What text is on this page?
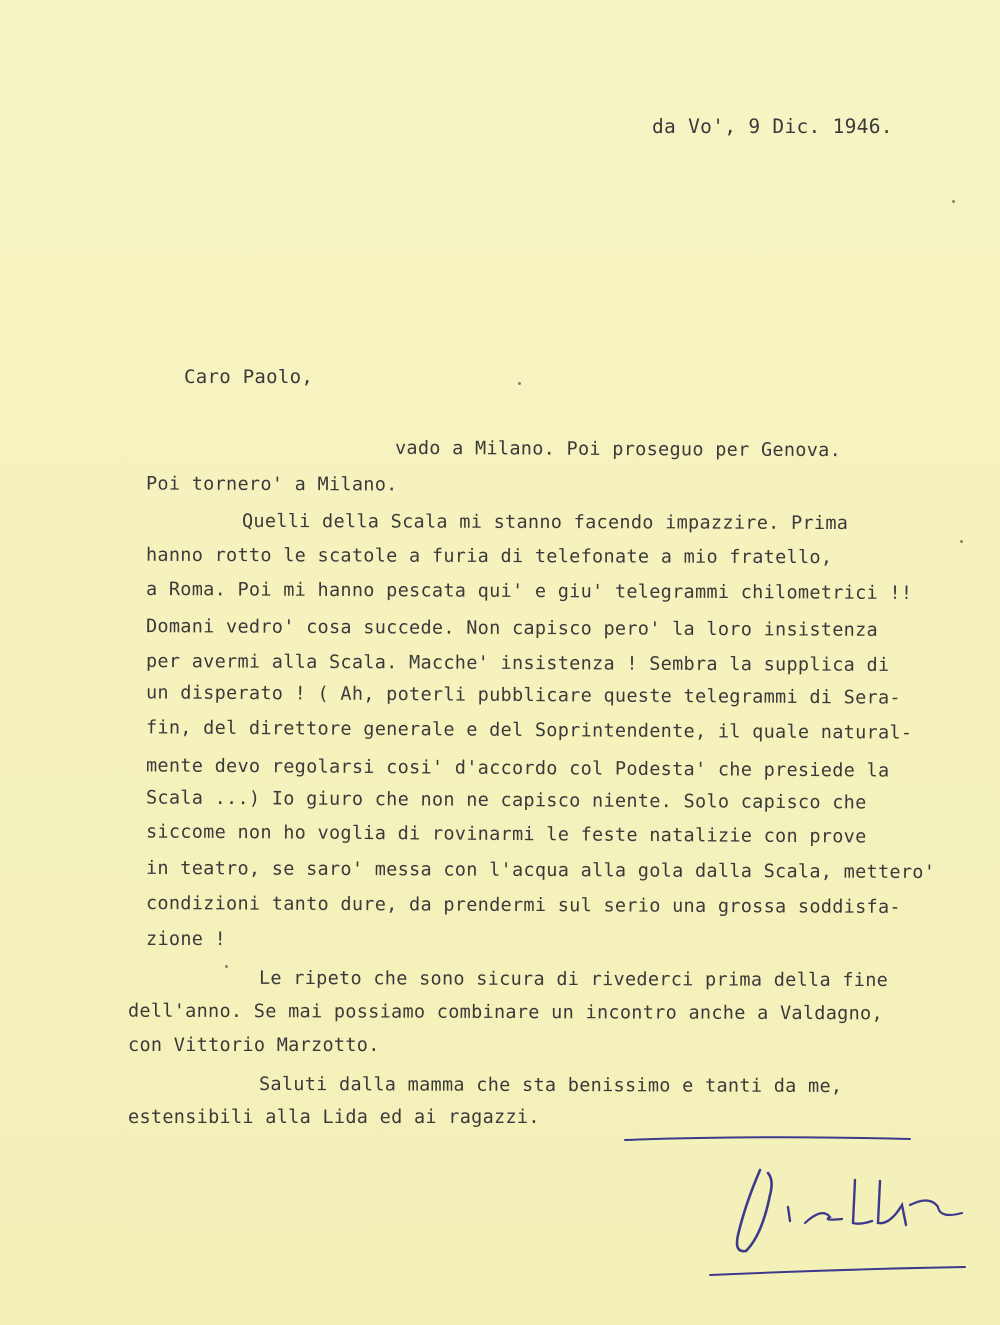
da Vo', 9 Dic. 1946.
Caro Paolo,
vado a Milano. Poi proseguo per Genova.
Poi tornero' a Milano.
Quelli della Scala mi stanno facendo impazzire. Prima
hanno rotto le scatole a furia di telefonate a mio fratello,
a Roma. Poi mi hanno pescata qui' e giu' telegrammi chilometrici !!
Domani vedro' cosa succede. Non capisco pero' la loro insistenza
per avermi alla Scala. Macche' insistenza ! Sembra la supplica di
un disperato ! ( Ah, poterli pubblicare queste telegrammi di Sera-
fin, del direttore generale e del Soprintendente, il quale natural-
mente devo regolarsi cosi' d'accordo col Podesta' che presiede la
Scala ...) Io giuro che non ne capisco niente. Solo capisco che
siccome non ho voglia di rovinarmi le feste natalizie con prove
in teatro, se saro' messa con l'acqua alla gola dalla Scala, mettero'
condizioni tanto dure, da prendermi sul serio una grossa soddisfa-
zione !
Le ripeto che sono sicura di rivederci prima della fine
dell'anno. Se mai possiamo combinare un incontro anche a Valdagno,
con Vittorio Marzotto.
Saluti dalla mamma che sta benissimo e tanti da me,
estensibili alla Lida ed ai ragazzi.
